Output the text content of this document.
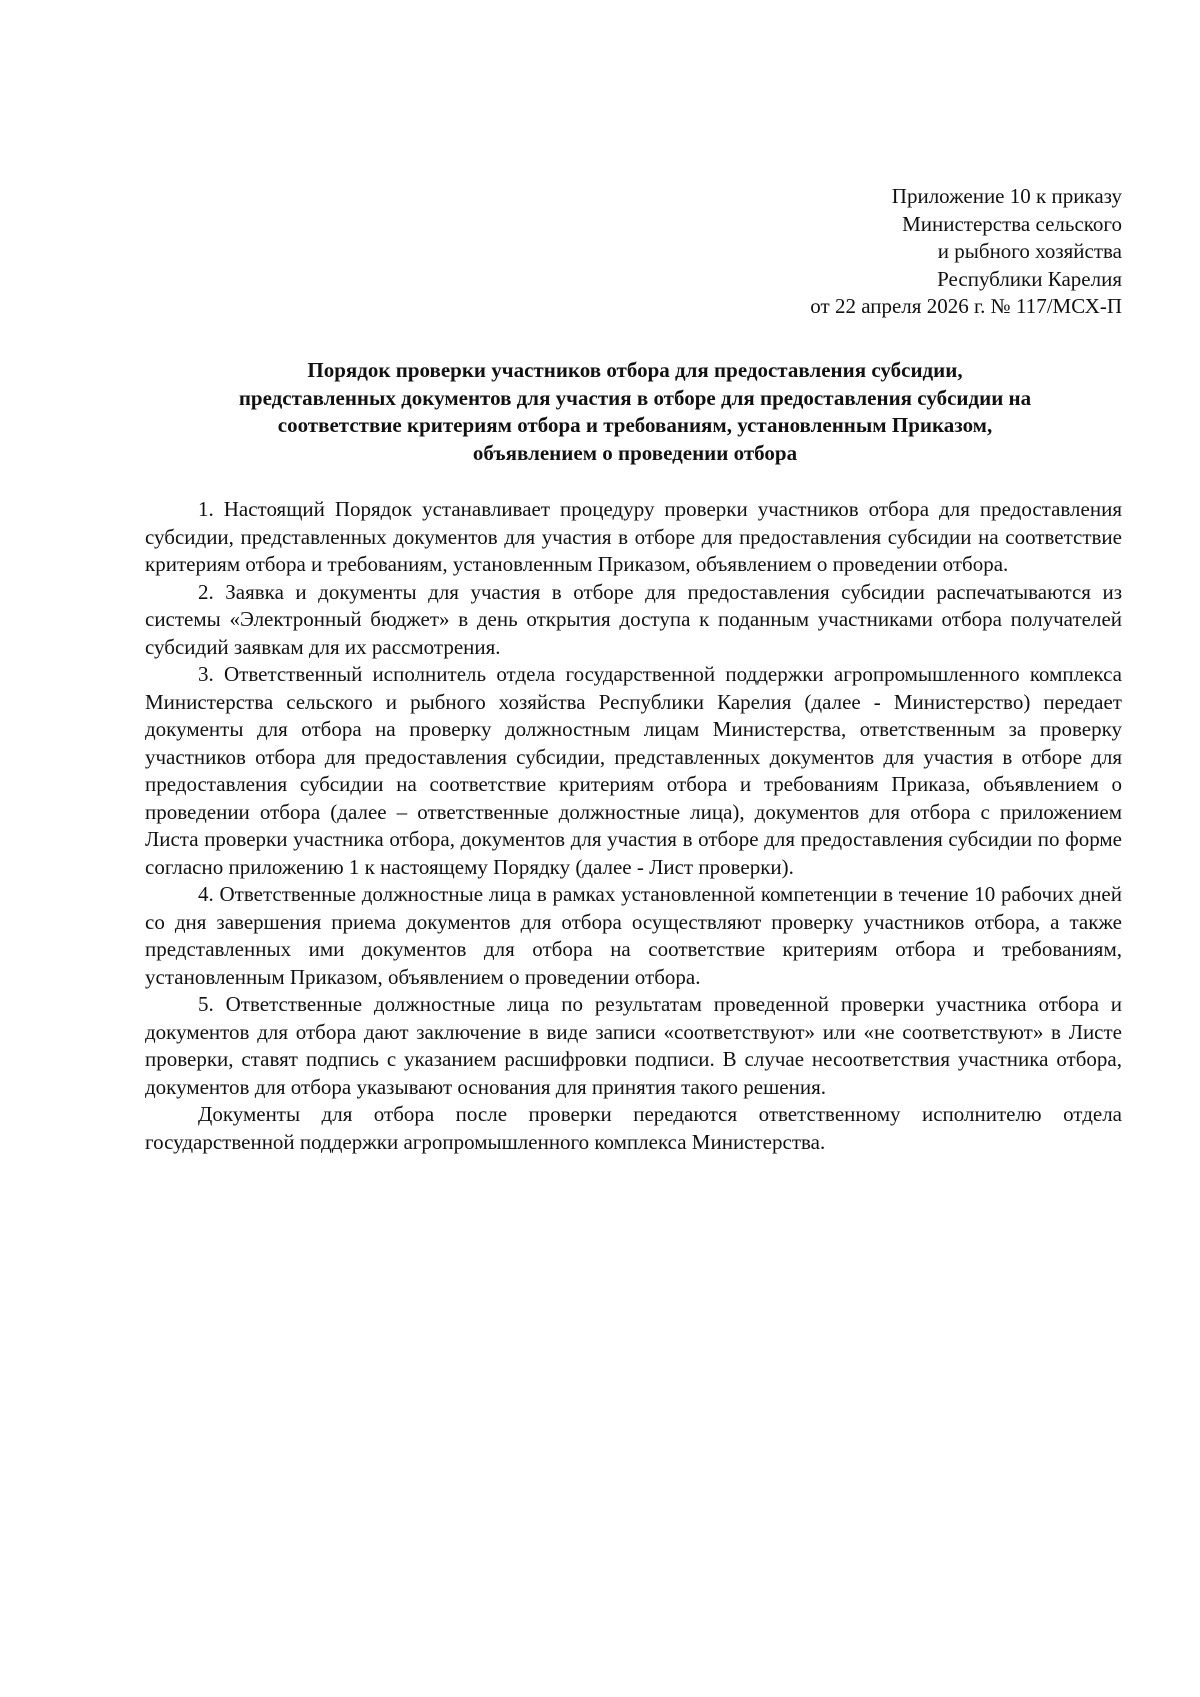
Приложение 10 к приказу
Министерства сельского
и рыбного хозяйства
Республики Карелия
от 22 апреля 2026 г. № 117/МСХ-П
Порядок проверки участников отбора для предоставления субсидии,
представленных документов для участия в отборе для предоставления субсидии на
соответствие критериям отбора и требованиям, установленным Приказом,
объявлением о проведении отбора

1. Настоящий Порядок устанавливает процедуру проверки участников отбора для предоставления субсидии, представленных документов для участия в отборе для предоставления субсидии на соответствие критериям отбора и требованиям, установленным Приказом, объявлением о проведении отбора.

2. Заявка и документы для участия в отборе для предоставления субсидии распечатываются из системы «Электронный бюджет» в день открытия доступа к поданным участниками отбора получателей субсидий заявкам для их рассмотрения.

3. Ответственный исполнитель отдела государственной поддержки агропромышленного комплекса Министерства сельского и рыбного хозяйства Республики Карелия (далее - Министерство) передает документы для отбора на проверку должностным лицам Министерства, ответственным за проверку участников отбора для предоставления субсидии, представленных документов для участия в отборе для предоставления субсидии на соответствие критериям отбора и требованиям Приказа, объявлением о проведении отбора (далее – ответственные должностные лица), документов для отбора с приложением Листа проверки участника отбора, документов для участия в отборе для предоставления субсидии по форме согласно приложению 1 к настоящему Порядку (далее - Лист проверки).

4. Ответственные должностные лица в рамках установленной компетенции в течение 10 рабочих дней со дня завершения приема документов для отбора осуществляют проверку участников отбора, а также представленных ими документов для отбора на соответствие критериям отбора и требованиям, установленным Приказом, объявлением о проведении отбора.

5. Ответственные должностные лица по результатам проведенной проверки участника отбора и документов для отбора дают заключение в виде записи «соответствуют» или «не соответствуют» в Листе проверки, ставят подпись с указанием расшифровки подписи. В случае несоответствия участника отбора, документов для отбора указывают основания для принятия такого решения.

Документы для отбора после проверки передаются ответственному исполнителю отдела государственной поддержки агропромышленного комплекса Министерства.
